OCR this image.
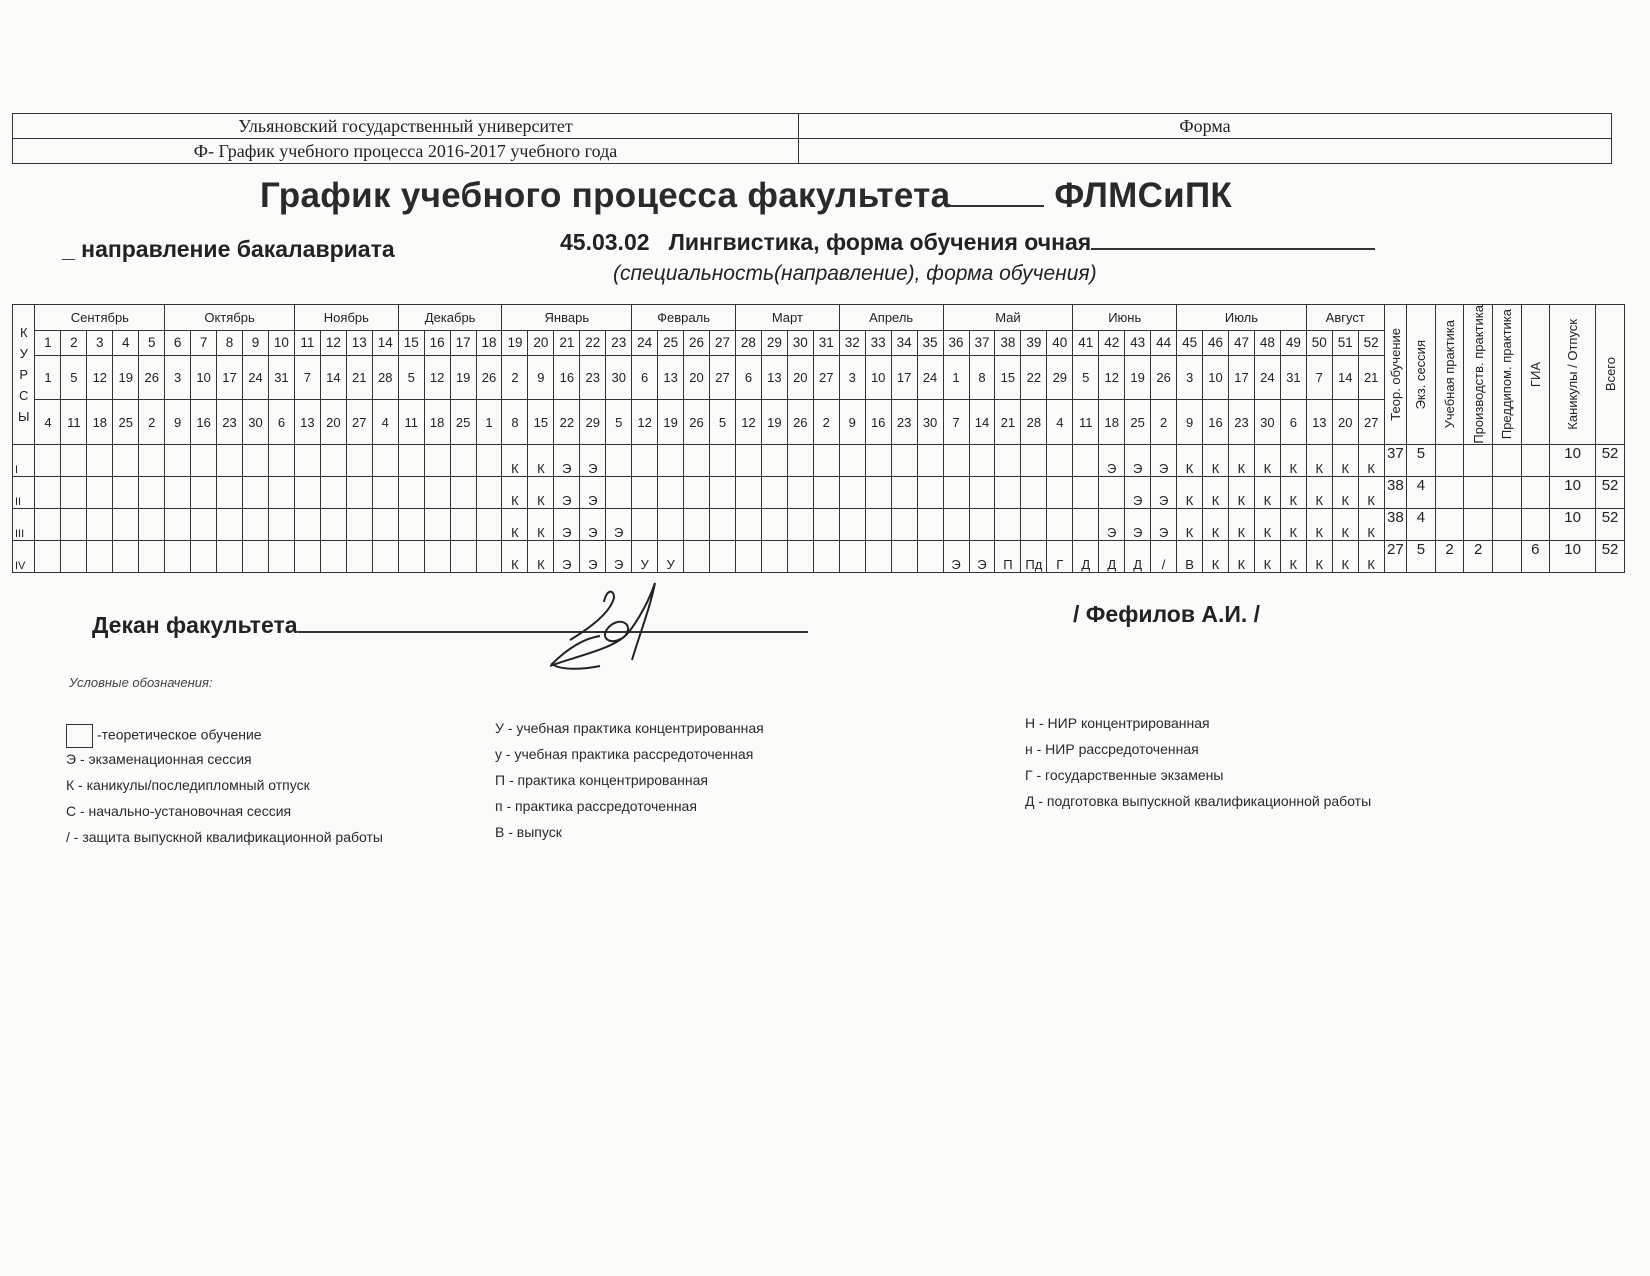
Ульяновский государственный университет	Форма
Ф- График учебного процесса 2016-2017 учебного года	
График учебного процесса факультета	ФЛМСиПК
_ направление бакалавриата	45.03.02 Лингвистика, форма обучения очная
(специальность(направление), форма обучения)
К
У
Р
С
Ы	Сентябрь					Октябрь					Ноябрь				Декабрь				Январь					Февраль				Март				Апрель				Май					Июнь				Июль					Август			Теор. обучение	Экз. сессия	Учебная практика	Производств. практика	Преддипом. практика	ГИА	Каникулы / Отпуск	Всего

	1	2	3	4	5	6	7	8	9	10	11	12	13	14	15	16	17	18	19	20	21	22	23	24	25	26	27	28	29	30	31	32	33	34	35	36	37	38	39	40	41	42	43	44	45	46	47	48	49	50	51	52								
	1	5	12	19	26	3	10	17	24	31	7	14	21	28	5	12	19	26	2	9	16	23	30	6	13	20	27	6	13	20	27	3	10	17	24	1	8	15	22	29	5	12	19	26	3	10	17	24	31	7	14	21								
	4	11	18	25	2	9	16	23	30	6	13	20	27	4	11	18	25	1	8	15	22	29	5	12	19	26	5	12	19	26	2	9	16	23	30	7	14	21	28	4	11	18	25	2	9	16	23	30	6	13	20	27								
I																			К	К	Э	Э																				Э	Э	Э	К	К	К	К	К	К	К	К	37	5					10	52
II																			К	К	Э	Э																					Э	Э	К	К	К	К	К	К	К	К	38	4					10	52
III																			К	К	Э	Э	Э																			Э	Э	Э	К	К	К	К	К	К	К	К	38	4					10	52
IV																			К	К	Э	Э	Э	У	У											Э	Э	П	Пд	Г	Д	Д	Д	/	В	К	К	К	К	К	К	К	27	5	2	2		6	10	52
Декан факультета	/ Фефилов А.И. /
Условные обозначения:
-теоретическое обучение
Э - экзаменационная сессия
К - каникулы/последипломный отпуск
С - начально-установочная сессия
/ - защита выпускной квалификационной работы
У - учебная практика концентрированная
у - учебная практика рассредоточенная
П - практика концентрированная
п - практика рассредоточенная
В - выпуск
Н - НИР концентрированная
н - НИР рассредоточенная
Г - государственные экзамены
Д - подготовка выпускной квалификационной работы
